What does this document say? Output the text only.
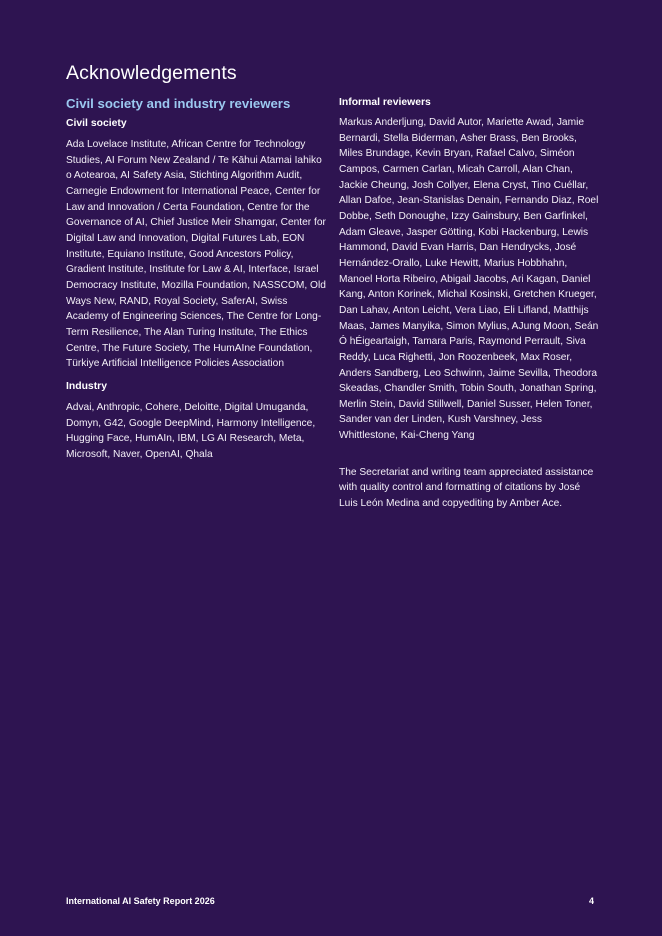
Acknowledgements
Civil society and industry reviewers
Civil society

Ada Lovelace Institute, African Centre for Technology Studies, AI Forum New Zealand / Te Kāhui Atamai Iahiko o Aotearoa, AI Safety Asia, Stichting Algorithm Audit, Carnegie Endowment for International Peace, Center for Law and Innovation / Certa Foundation, Centre for the Governance of AI, Chief Justice Meir Shamgar, Center for Digital Law and Innovation, Digital Futures Lab, EON Institute, Equiano Institute, Good Ancestors Policy, Gradient Institute, Institute for Law & AI, Interface, Israel Democracy Institute, Mozilla Foundation, NASSCOM, Old Ways New, RAND, Royal Society, SaferAI, Swiss Academy of Engineering Sciences, The Centre for Long-Term Resilience, The Alan Turing Institute, The Ethics Centre, The Future Society, The HumAIne Foundation, Türkiye Artificial Intelligence Policies Association

Industry

Advai, Anthropic, Cohere, Deloitte, Digital Umuganda, Domyn, G42, Google DeepMind, Harmony Intelligence, Hugging Face, HumAIn, IBM, LG AI Research, Meta, Microsoft, Naver, OpenAI, Qhala

Informal reviewers

Markus Anderljung, David Autor, Mariette Awad, Jamie Bernardi, Stella Biderman, Asher Brass, Ben Brooks, Miles Brundage, Kevin Bryan, Rafael Calvo, Siméon Campos, Carmen Carlan, Micah Carroll, Alan Chan, Jackie Cheung, Josh Collyer, Elena Cryst, Tino Cuéllar, Allan Dafoe, Jean-Stanislas Denain, Fernando Diaz, Roel Dobbe, Seth Donoughe, Izzy Gainsbury, Ben Garfinkel, Adam Gleave, Jasper Götting, Kobi Hackenburg, Lewis Hammond, David Evan Harris, Dan Hendrycks, José Hernández-Orallo, Luke Hewitt, Marius Hobbhahn, Manoel Horta Ribeiro, Abigail Jacobs, Ari Kagan, Daniel Kang, Anton Korinek, Michal Kosinski, Gretchen Krueger, Dan Lahav, Anton Leicht, Vera Liao, Eli Lifland, Matthijs Maas, James Manyika, Simon Mylius, AJung Moon, Seán Ó hÉigeartaigh, Tamara Paris, Raymond Perrault, Siva Reddy, Luca Righetti, Jon Roozenbeek, Max Roser, Anders Sandberg, Leo Schwinn, Jaime Sevilla, Theodora Skeadas, Chandler Smith, Tobin South, Jonathan Spring, Merlin Stein, David Stillwell, Daniel Susser, Helen Toner, Sander van der Linden, Kush Varshney, Jess Whittlestone, Kai-Cheng Yang

The Secretariat and writing team appreciated assistance with quality control and formatting of citations by José Luis León Medina and copyediting by Amber Ace.

International AI Safety Report 2026	4
